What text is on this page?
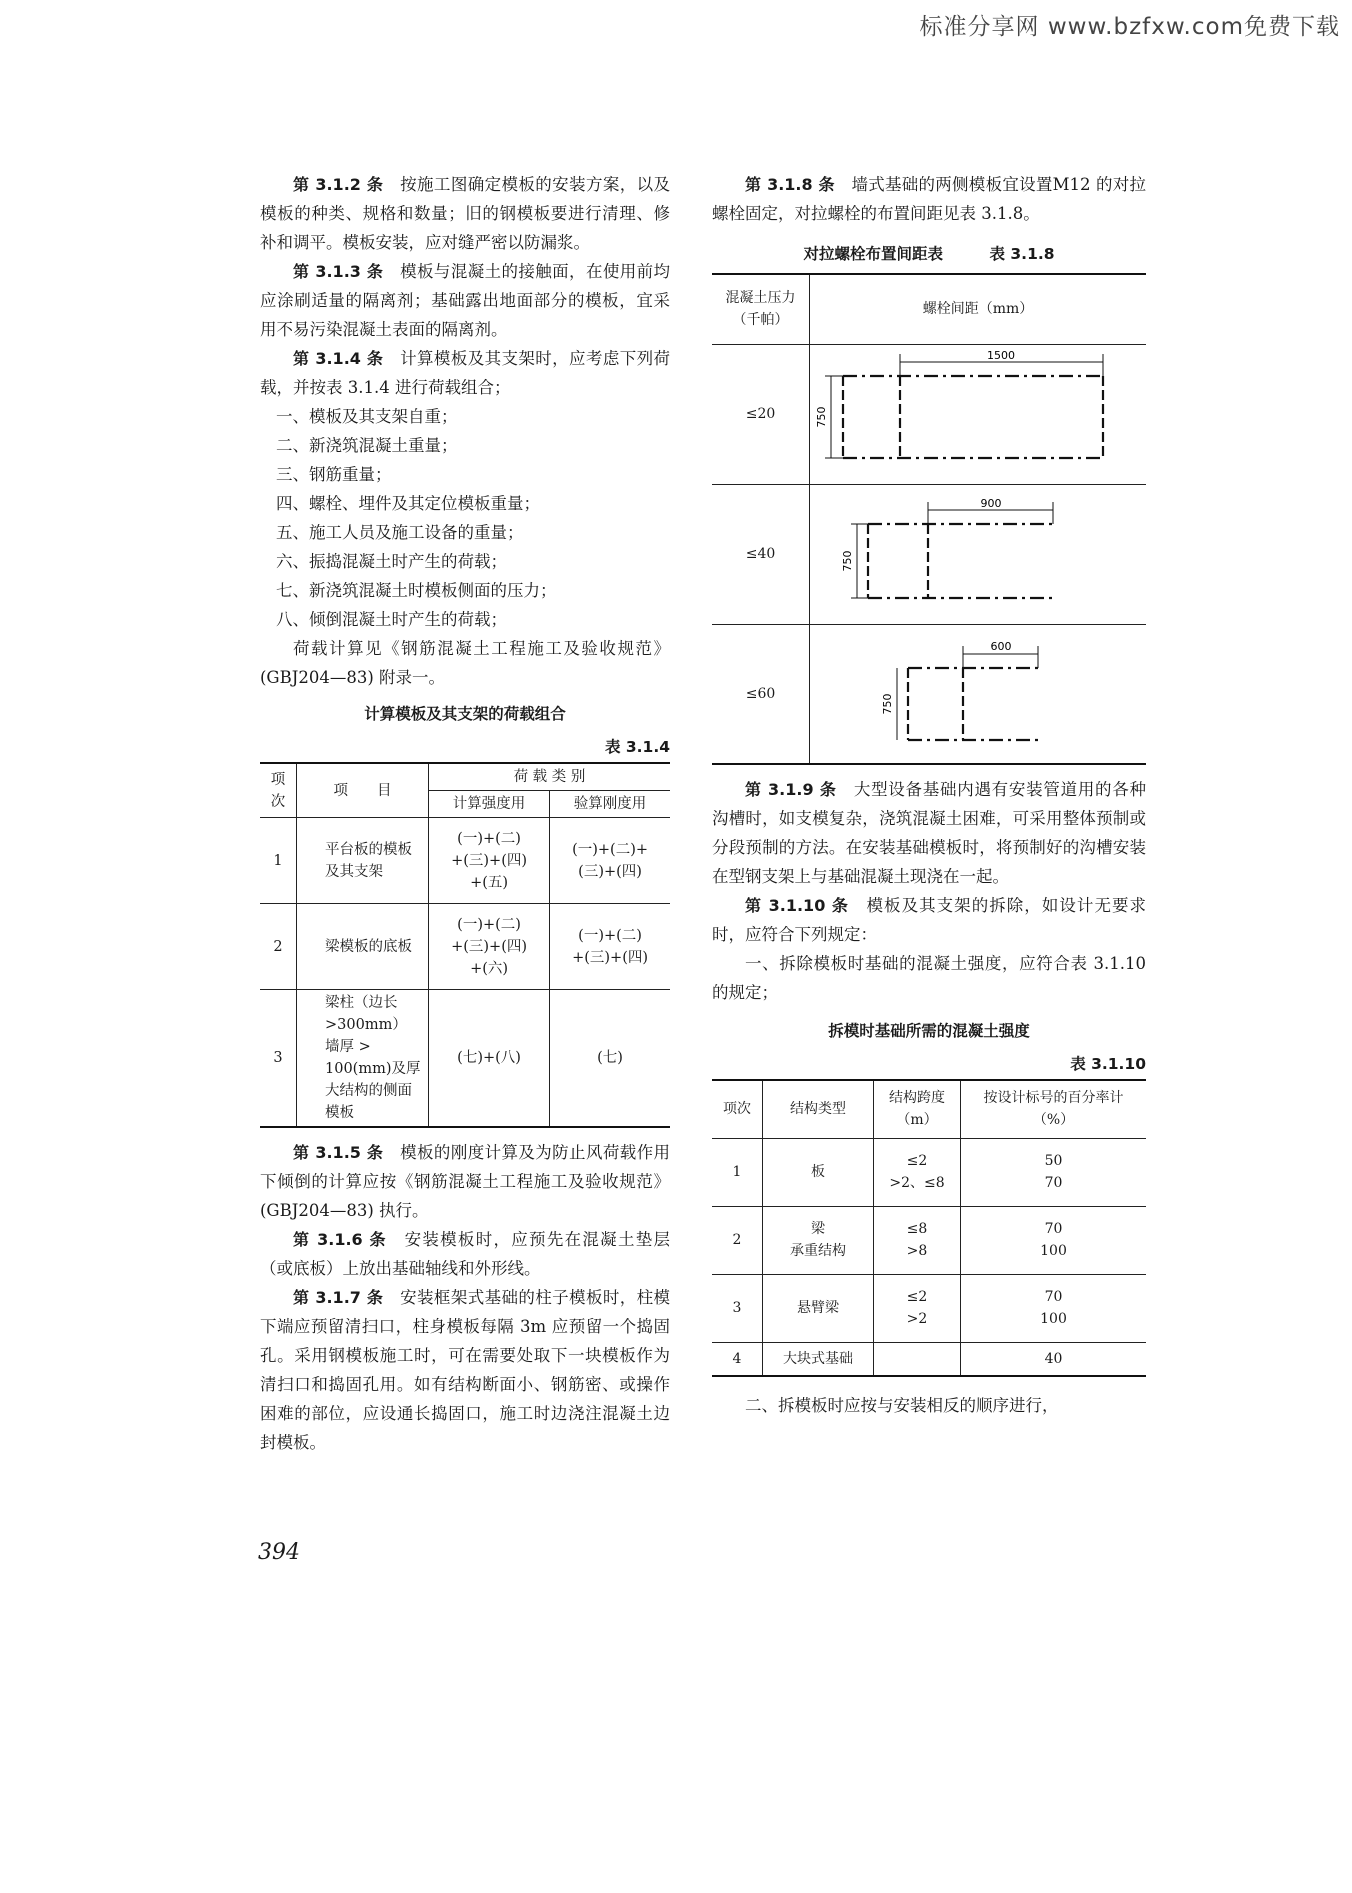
标准分享网 www.bzfxw.com免费下载

第 3.1.2 条　 按施工图确定模板的安装方案，以及模板的种类、规格和数量；旧的钢模板要进行清理、修补和调平。模板安装，应对缝严密以防漏浆。

第 3.1.3 条　 模板与混凝土的接触面，在使用前均应涂刷适量的隔离剂；基础露出地面部分的模板，宜采用不易污染混凝土表面的隔离剂。

第 3.1.4 条　 计算模板及其支架时，应考虑下列荷载，并按表 3.1.4 进行荷载组合；

一、模板及其支架自重；

二、新浇筑混凝土重量；

三、钢筋重量；

四、螺栓、埋件及其定位模板重量；

五、施工人员及施工设备的重量；

六、振捣混凝土时产生的荷载；

七、新浇筑混凝土时模板侧面的压力；

八、倾倒混凝土时产生的荷载；

荷载计算见《钢筋混凝土工程施工及验收规范》(GBJ204—83) 附录一。

计算模板及其支架的荷载组合
表 3.1.4
项
次	项　　目	荷 载 类 别	
		计算强度用	验算刚度用
1	平台板的模板及其支架	(一)+(二)
+(三)+(四)
+(五)	(一)+(二)+
(三)+(四)
2	梁模板的底板	(一)+(二)
+(三)+(四)
+(六)	(一)+(二)
+(三)+(四)
3	梁柱（边长>300mm）
墙厚 > 100(mm)及厚大结构的侧面模板	(七)+(八)	(七)

第 3.1.5 条　 模板的刚度计算及为防止风荷载作用下倾倒的计算应按《钢筋混凝土工程施工及验收规范》(GBJ204—83) 执行。

第 3.1.6 条　 安装模板时，应预先在混凝土垫层（或底板）上放出基础轴线和外形线。

第 3.1.7 条　 安装框架式基础的柱子模板时，柱模下端应预留清扫口，柱身模板每隔 3m 应预留一个捣固孔。采用钢模板施工时，可在需要处取下一块模板作为清扫口和捣固孔用。如有结构断面小、钢筋密、或操作困难的部位，应设通长捣固口，施工时边浇注混凝土边封模板。

第 3.1.8 条　 墙式基础的两侧模板宜设置M12 的对拉螺栓固定，对拉螺栓的布置间距见表 3.1.8。

对拉螺栓布置间距表　　　	表 3.1.8
混凝土压力
（千帕）	螺栓间距（mm）
≤20	1500
750

≤40	900
750

≤60	600
750

第 3.1.9 条　 大型设备基础内遇有安装管道用的各种沟槽时，如支模复杂，浇筑混凝土困难，可采用整体预制或分段预制的方法。在安装基础模板时，将预制好的沟槽安装在型钢支架上与基础混凝土现浇在一起。

第 3.1.10 条　 模板及其支架的拆除，如设计无要求时，应符合下列规定：

一、拆除模板时基础的混凝土强度，应符合表 3.1.10 的规定；

拆模时基础所需的混凝土强度
表 3.1.10
项次	结构类型	结构跨度
（m）	按设计标号的百分率计
（%）
1	板	≤2
>2、≤8	50
70
2	梁
承重结构	≤8
>8	70
100
3	悬臂梁	≤2
>2	70
100
4	大块式基础		40

二、拆模板时应按与安装相反的顺序进行，

394
